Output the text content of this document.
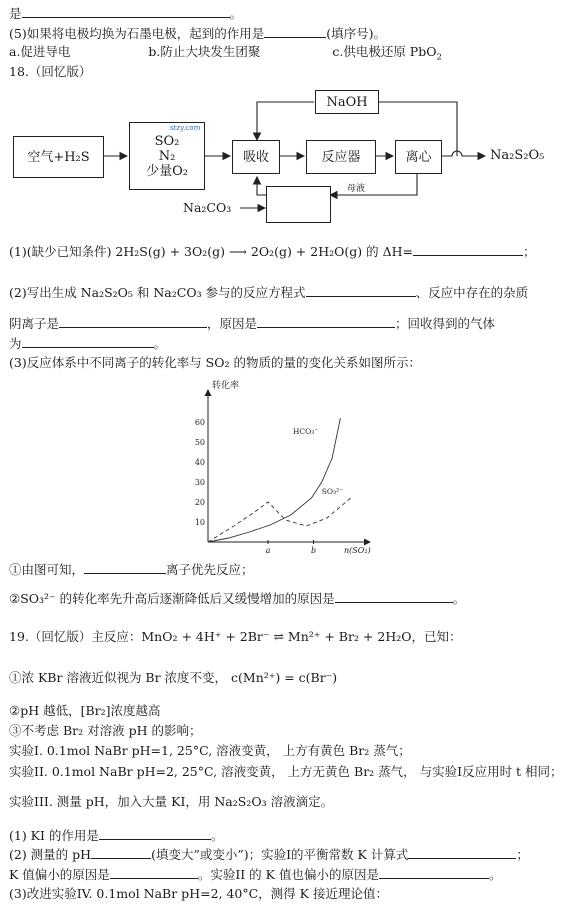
是	。
(5)如果将电极均换为石墨电极，起到的作用是	(填序号)。
a.促进导电	b.防止大块发生团聚	c.供电极还原 PbO$_2$
18.（回忆版）
空气+H₂S
SO₂
N₂
少量O₂
stzy.com
吸收	反应器	离心
NaOH
Na₂S₂O₅
Na₂CO₃
母液
(1)(缺少已知条件) 2H₂S(g) + 3O₂(g) ⟶ 2O₂(g) + 2H₂O(g) 的 ΔH=	；
(2)写出生成 Na₂S₂O₅ 和 Na₂CO₃ 参与的反应方程式	、反应中存在的杂质
阴离子是	，原因是	；回收得到的气体
为	。
(3)反应体系中不同离子的转化率与 SO₂ 的物质的量的变化关系如图所示：
10
20
30
40
50
60
a	b
转化率
n(SO₂)
HCO₃⁻
SO₃²⁻
①由图可知，	离子优先反应；
②SO₃²⁻ 的转化率先升高后逐渐降低后又缓慢增加的原因是	。
19.（回忆版）主反应：MnO₂ + 4H⁺ + 2Br⁻ ⇌ Mn²⁺ + Br₂ + 2H₂O，已知：
①浓 KBr 溶液近似视为 Br 浓度不变， c(Mn²⁺) = c(Br⁻)
②pH 越低，[Br₂]浓度越高
③不考虑 Br₂ 对溶液 pH 的影响；
实验I. 0.1mol NaBr pH=1, 25°C, 溶液变黄， 上方有黄色 Br₂ 蒸气；
实验II. 0.1mol NaBr pH=2, 25°C, 溶液变黄， 上方无黄色 Br₂ 蒸气， 与实验I反应用时 t 相同；
实验III. 测量 pH，加入大量 KI，用 Na₂S₂O₃ 溶液滴定。
(1) KI 的作用是	。
(2) 测量的 pH	(填变大”或变小”)；实验I的平衡常数 K 计算式	；
K 值偏小的原因是	。实验II 的 K 值也偏小的原因是	。
(3)改进实验IV. 0.1mol NaBr pH=2, 40°C，测得 K 接近理论值：
